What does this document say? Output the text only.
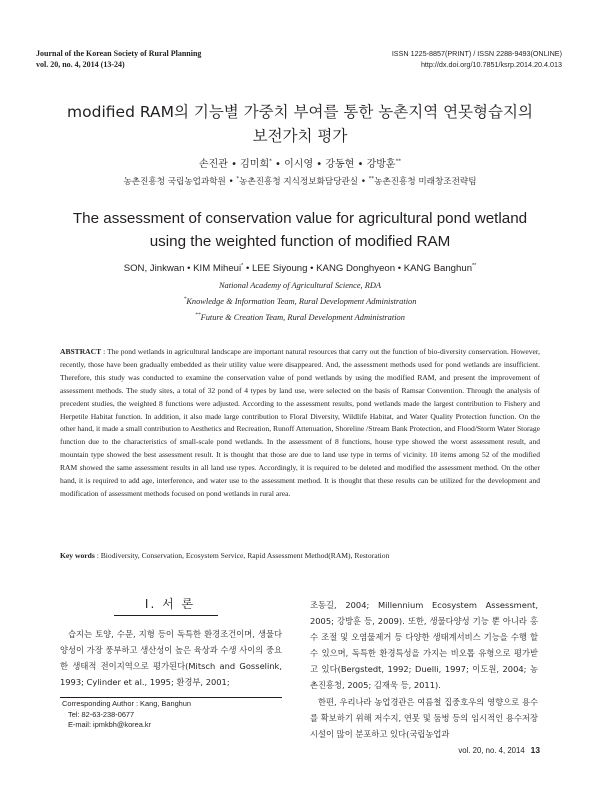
Journal of the Korean Society of Rural Planning
vol. 20, no. 4, 2014 (13-24)
ISSN 1225-8857(PRINT) / ISSN 2288-9493(ONLINE)
http://dx.doi.org/10.7851/ksrp.2014.20.4.013
modified RAM의 기능별 가중치 부여를 통한 농촌지역 연못형습지의
보전가치 평가
손진관 • 김미희* • 이시영 • 강동현 • 강방훈**
농촌진흥청 국립농업과학원 • *농촌진흥청 지식정보화담당관실 • **농촌진흥청 미래창조전략팀
The assessment of conservation value for agricultural pond wetland
using the weighted function of modified RAM
SON, Jinkwan • KIM Miheui* • LEE Siyoung • KANG Donghyeon • KANG Banghun**
National Academy of Agricultural Science, RDA
*Knowledge & Information Team, Rural Development Administration
**Future & Creation Team, Rural Development Administration
ABSTRACT : The pond wetlands in agricultural landscape are important natural resources that carry out the function of bio-diversity conservation. However, recently, those have been gradually embedded as their utility value were disappeared. And, the assessment methods used for pond wetlands are insufficient. Therefore, this study was conducted to examine the conservation value of pond wetlands by using the modified RAM, and present the improvement of assessment methods. The study sites, a total of 32 pond of 4 types by land use, were selected on the basis of Ramsar Convention. Through the analysis of precedent studies, the weighted 8 functions were adjusted. According to the assessment results, pond wetlands made the largest contribution to Fishery and Herpetile Habitat function. In addition, it also made large contribution to Floral Diversity, Wildlife Habitat, and Water Quality Protection function. On the other hand, it made a small contribution to Aesthetics and Recreation, Runoff Attenuation, Shoreline /Stream Bank Protection, and Flood/Storm Water Storage function due to the characteristics of small-scale pond wetlands. In the assessment of 8 functions, house type showed the worst assessment result, and mountain type showed the best assessment result. It is thought that those are due to land use type in terms of vicinity. 10 items among 52 of the modified RAM showed the same assessment results in all land use types. Accordingly, it is required to be deleted and modified the assessment method. On the other hand, it is required to add age, interference, and water use to the assessment method. It is thought that these results can be utilized for the development and modification of assessment methods focused on pond wetlands in rural area.
Key words : Biodiversity, Conservation, Ecosystem Service, Rapid Assessment Method(RAM), Restoration
Ⅰ. 서 론
습지는 토양, 수문, 지형 등이 독특한 환경조건이며, 생물다양성이 가장 풍부하고 생산성이 높은 육상과 수생 사이의 중요한 생태적 전이지역으로 평가된다(Mitsch and Gosselink, 1993; Cylinder et al., 1995; 환경부, 2001;
조동길, 2004; Millennium Ecosystem Assessment, 2005; 강방훈 등, 2009). 또한, 생물다양성 기능 뿐 아니라 홍수 조절 및 오염물제거 등 다양한 생태계서비스 기능을 수행 할 수 있으며, 독특한 환경특성을 가지는 비오톱 유형으로 평가받고 있다(Bergstedt, 1992; Duelli, 1997; 이도원, 2004; 농촌진흥청, 2005; 김재욱 등, 2011).
한편, 우리나라 농업경관은 여름철 집중호우의 영향으로 용수를 확보하기 위해 저수지, 연못 및 둠벙 등의 임시적인 용수저장 시설이 많이 분포하고 있다(국립농업과
Corresponding Author : Kang, Banghun
Tel: 82-63-238-0677
E-mail: ipmkbh@korea.kr
vol. 20, no. 4, 2014 13
